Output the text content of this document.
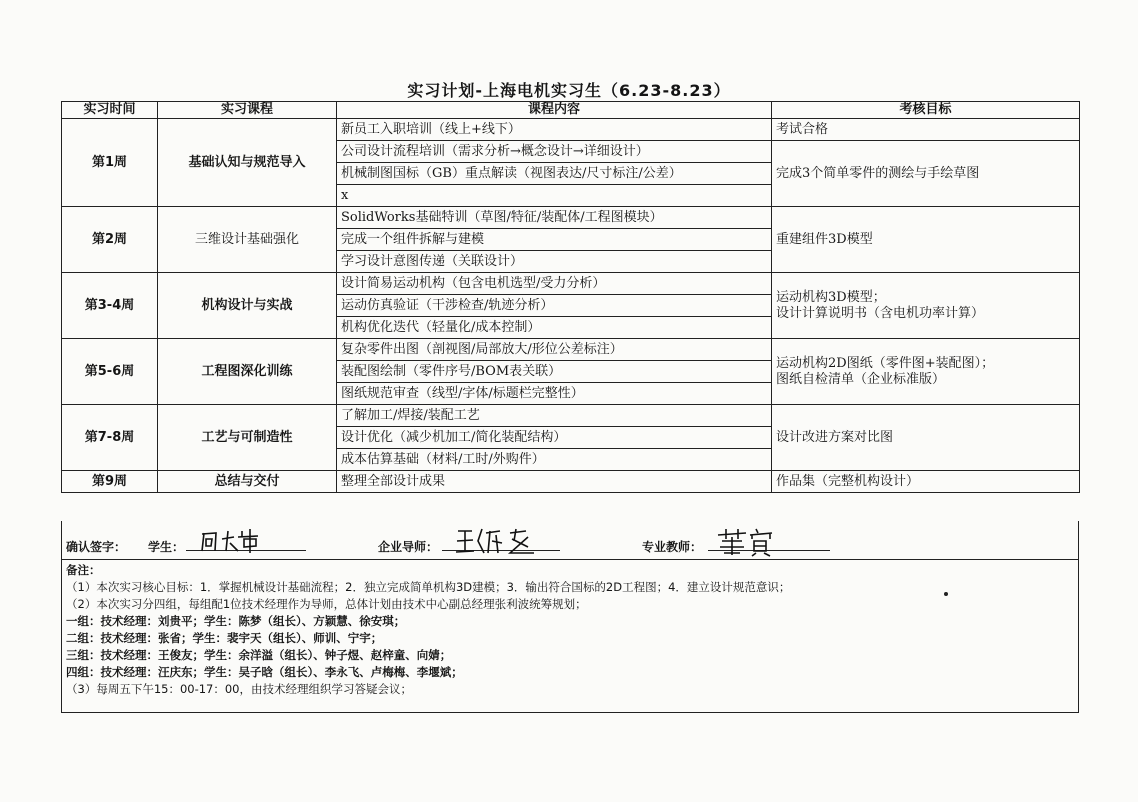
实习计划-上海电机实习生（6.23-8.23）
实习时间	实习课程	课程内容	考核目标
第1周	基础认知与规范导入	新员工入职培训（线上+线下）	考试合格
		公司设计流程培训（需求分析→概念设计→详细设计）	完成3个简单零件的测绘与手绘草图
		机械制图国标（GB）重点解读（视图表达/尺寸标注/公差）	
		x	
第2周	三维设计基础强化	SolidWorks基础特训（草图/特征/装配体/工程图模块）	重建组件3D模型
		完成一个组件拆解与建模	
		学习设计意图传递（关联设计）	
第3-4周	机构设计与实战	设计简易运动机构（包含电机选型/受力分析）	运动机构3D模型；
设计计算说明书（含电机功率计算）

		运动仿真验证（干涉检查/轨迹分析）	
		机构优化迭代（轻量化/成本控制）	
第5-6周	工程图深化训练	复杂零件出图（剖视图/局部放大/形位公差标注）	运动机构2D图纸（零件图+装配图）；
图纸自检清单（企业标准版）

		装配图绘制（零件序号/BOM表关联）	
		图纸规范审查（线型/字体/标题栏完整性）	
第7-8周	工艺与可制造性	了解加工/焊接/装配工艺	设计改进方案对比图
		设计优化（减少机加工/简化装配结构）	
		成本估算基础（材料/工时/外购件）	
第9周	总结与交付	整理全部设计成果	作品集（完整机构设计）
确认签字： 学生：	企业导师：	专业教师：
备注：
（1）本次实习核心目标：1．掌握机械设计基础流程；2．独立完成简单机构3D建模；3．输出符合国标的2D工程图；4．建立设计规范意识；
（2）本次实习分四组，每组配1位技术经理作为导师，总体计划由技术中心副总经理张利波统筹规划；
一组：技术经理：刘贵平；学生：陈梦（组长）、方颖慧、徐安琪；
二组：技术经理：张省；学生：裴宇天（组长）、师训、宁宇；
三组：技术经理：王俊友；学生：余洋溢（组长）、钟子煜、赵梓童、向婧；
四组：技术经理：汪庆东；学生：吴子晗（组长）、李永飞、卢梅梅、李堰斌；
（3）每周五下午15：00-17：00，由技术经理组织学习答疑会议；
